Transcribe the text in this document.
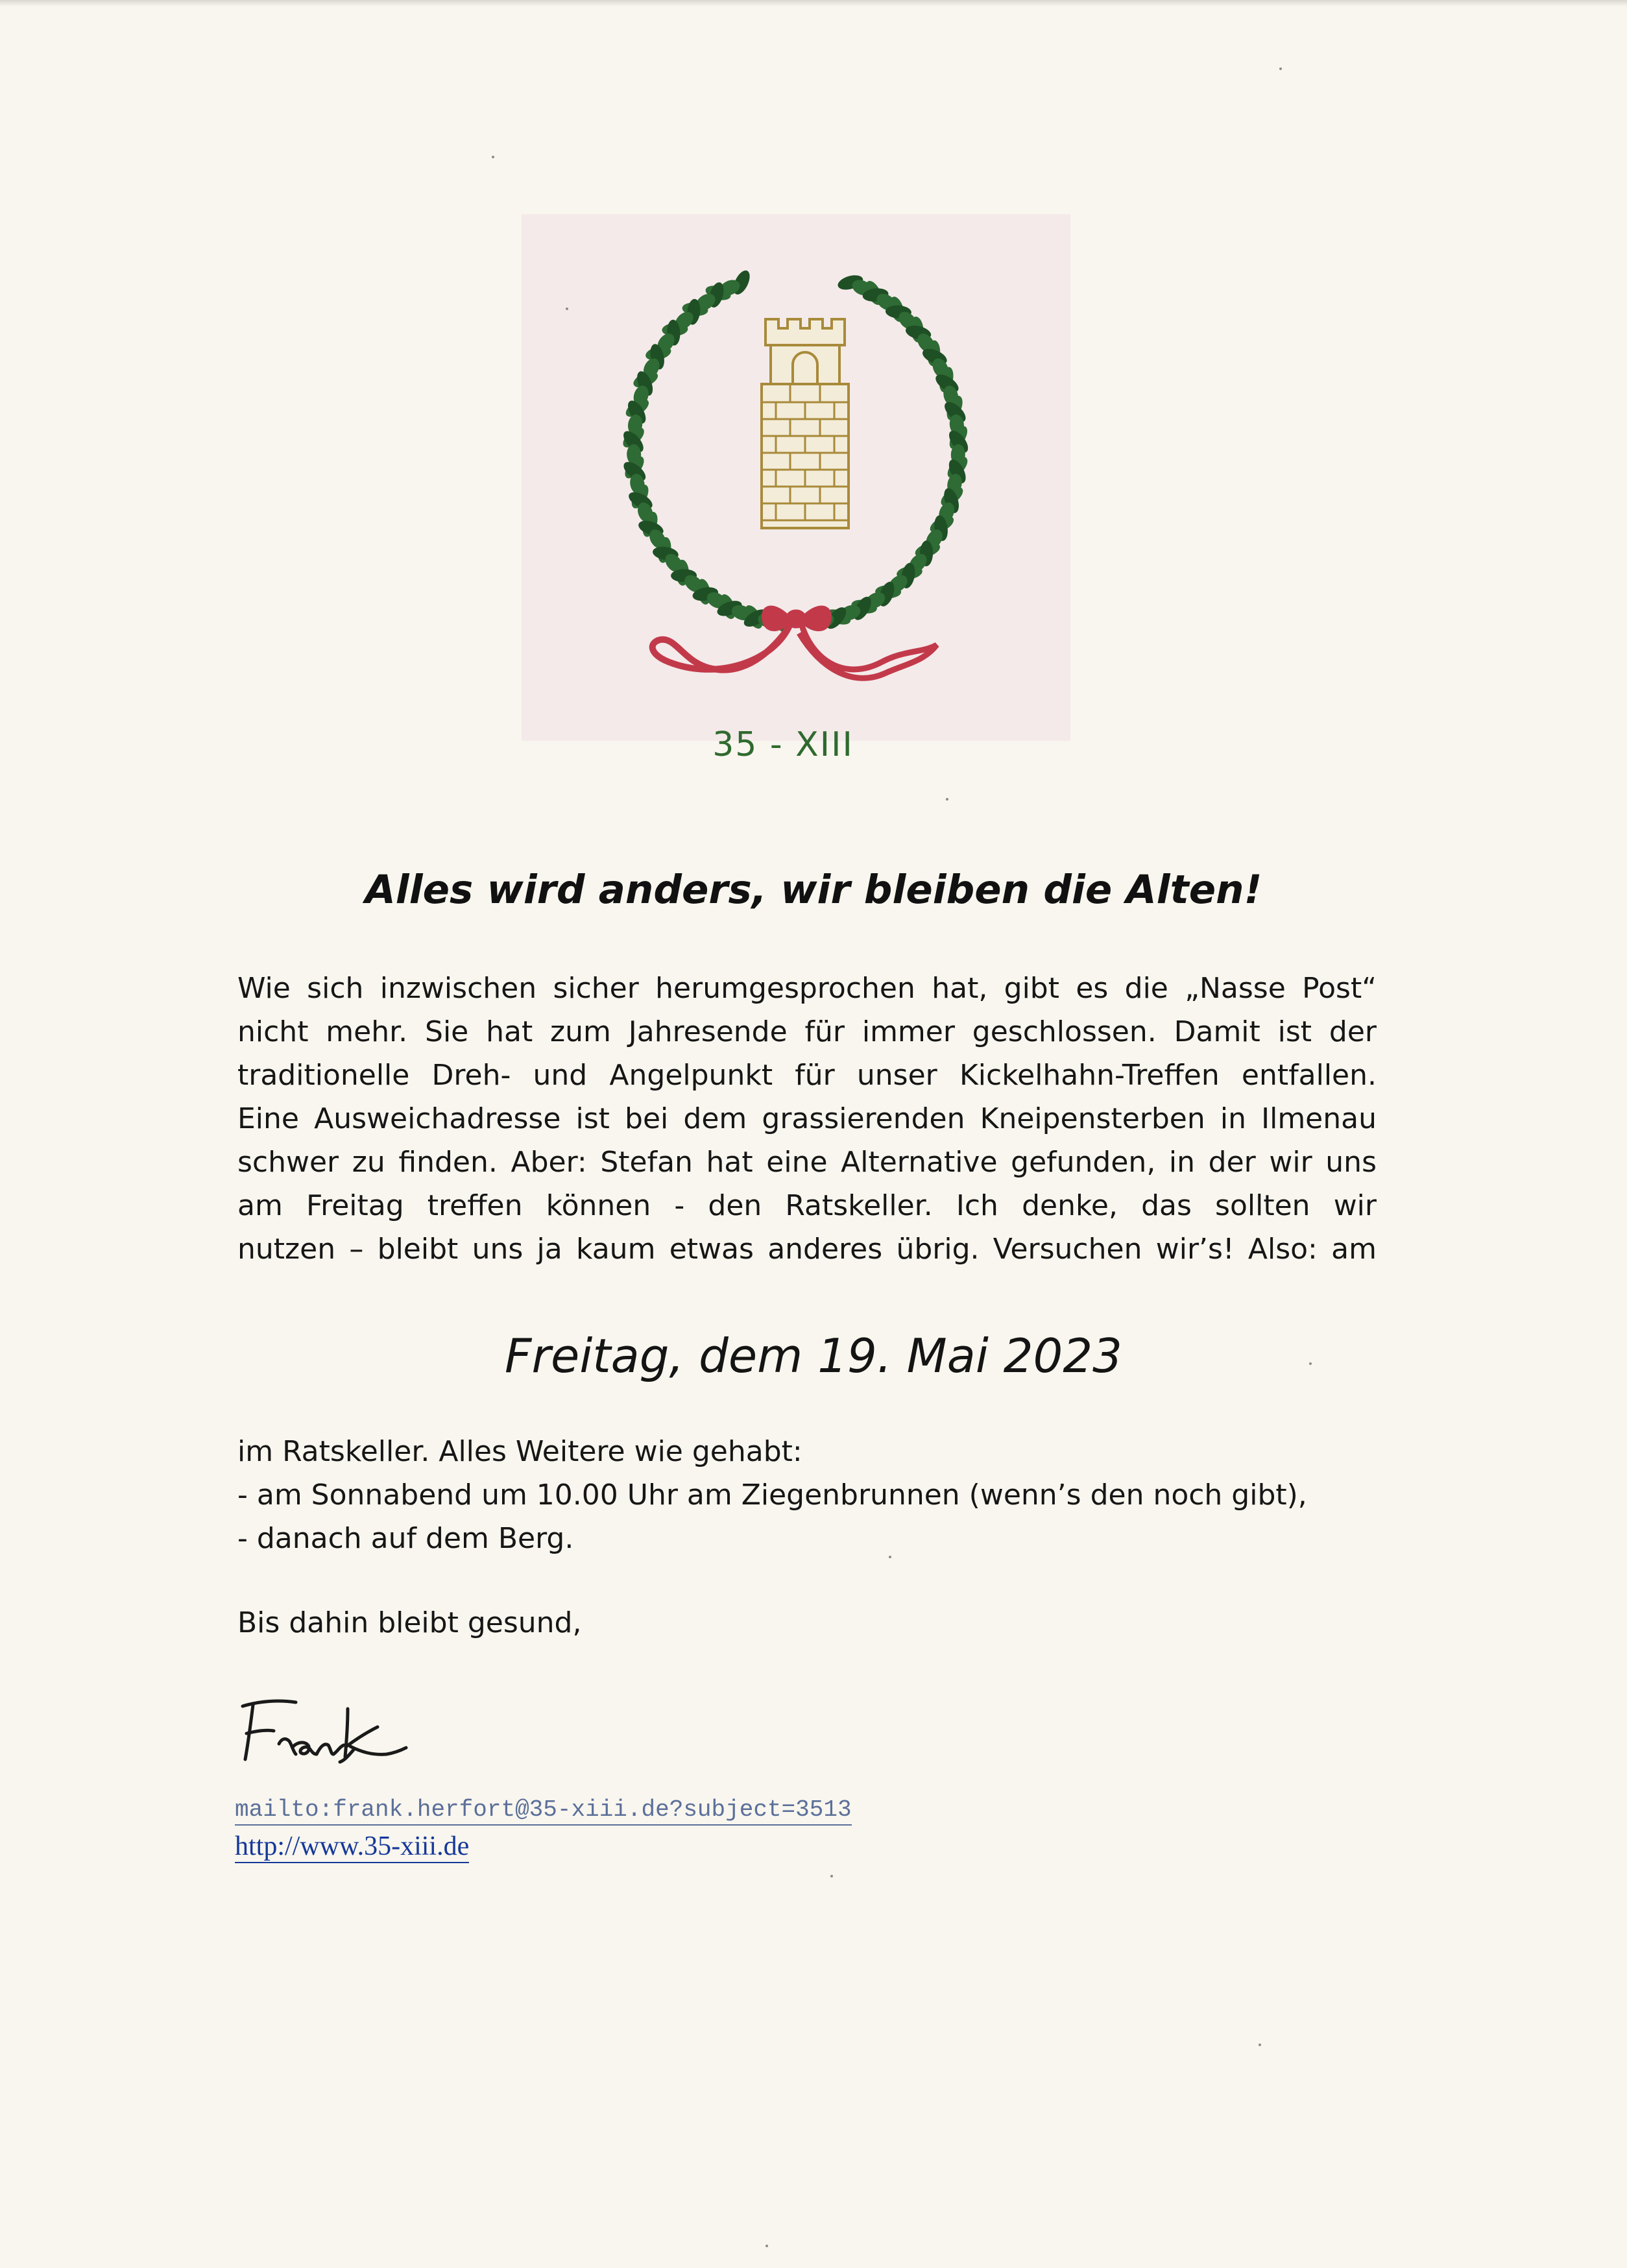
35 - XIII
Alles wird anders, wir bleiben die Alten!
Wie sich inzwischen sicher herumgesprochen hat, gibt es die „Nasse Post“
nicht mehr. Sie hat zum Jahresende für immer geschlossen. Damit ist der
traditionelle Dreh- und Angelpunkt für unser Kickelhahn-Treffen entfallen.
Eine Ausweichadresse ist bei dem grassierenden Kneipensterben in Ilmenau
schwer zu finden. Aber: Stefan hat eine Alternative gefunden, in der wir uns
am Freitag treffen können - den Ratskeller. Ich denke, das sollten wir
nutzen – bleibt uns ja kaum etwas anderes übrig. Versuchen wir’s! Also: am
Freitag, dem 19. Mai 2023
im Ratskeller. Alles Weitere wie gehabt:
- am Sonnabend um 10.00 Uhr am Ziegenbrunnen (wenn’s den noch gibt),
- danach auf dem Berg.
Bis dahin bleibt gesund,
mailto:frank.herfort@35-xiii.de?subject=3513
http://www.35-xiii.de
